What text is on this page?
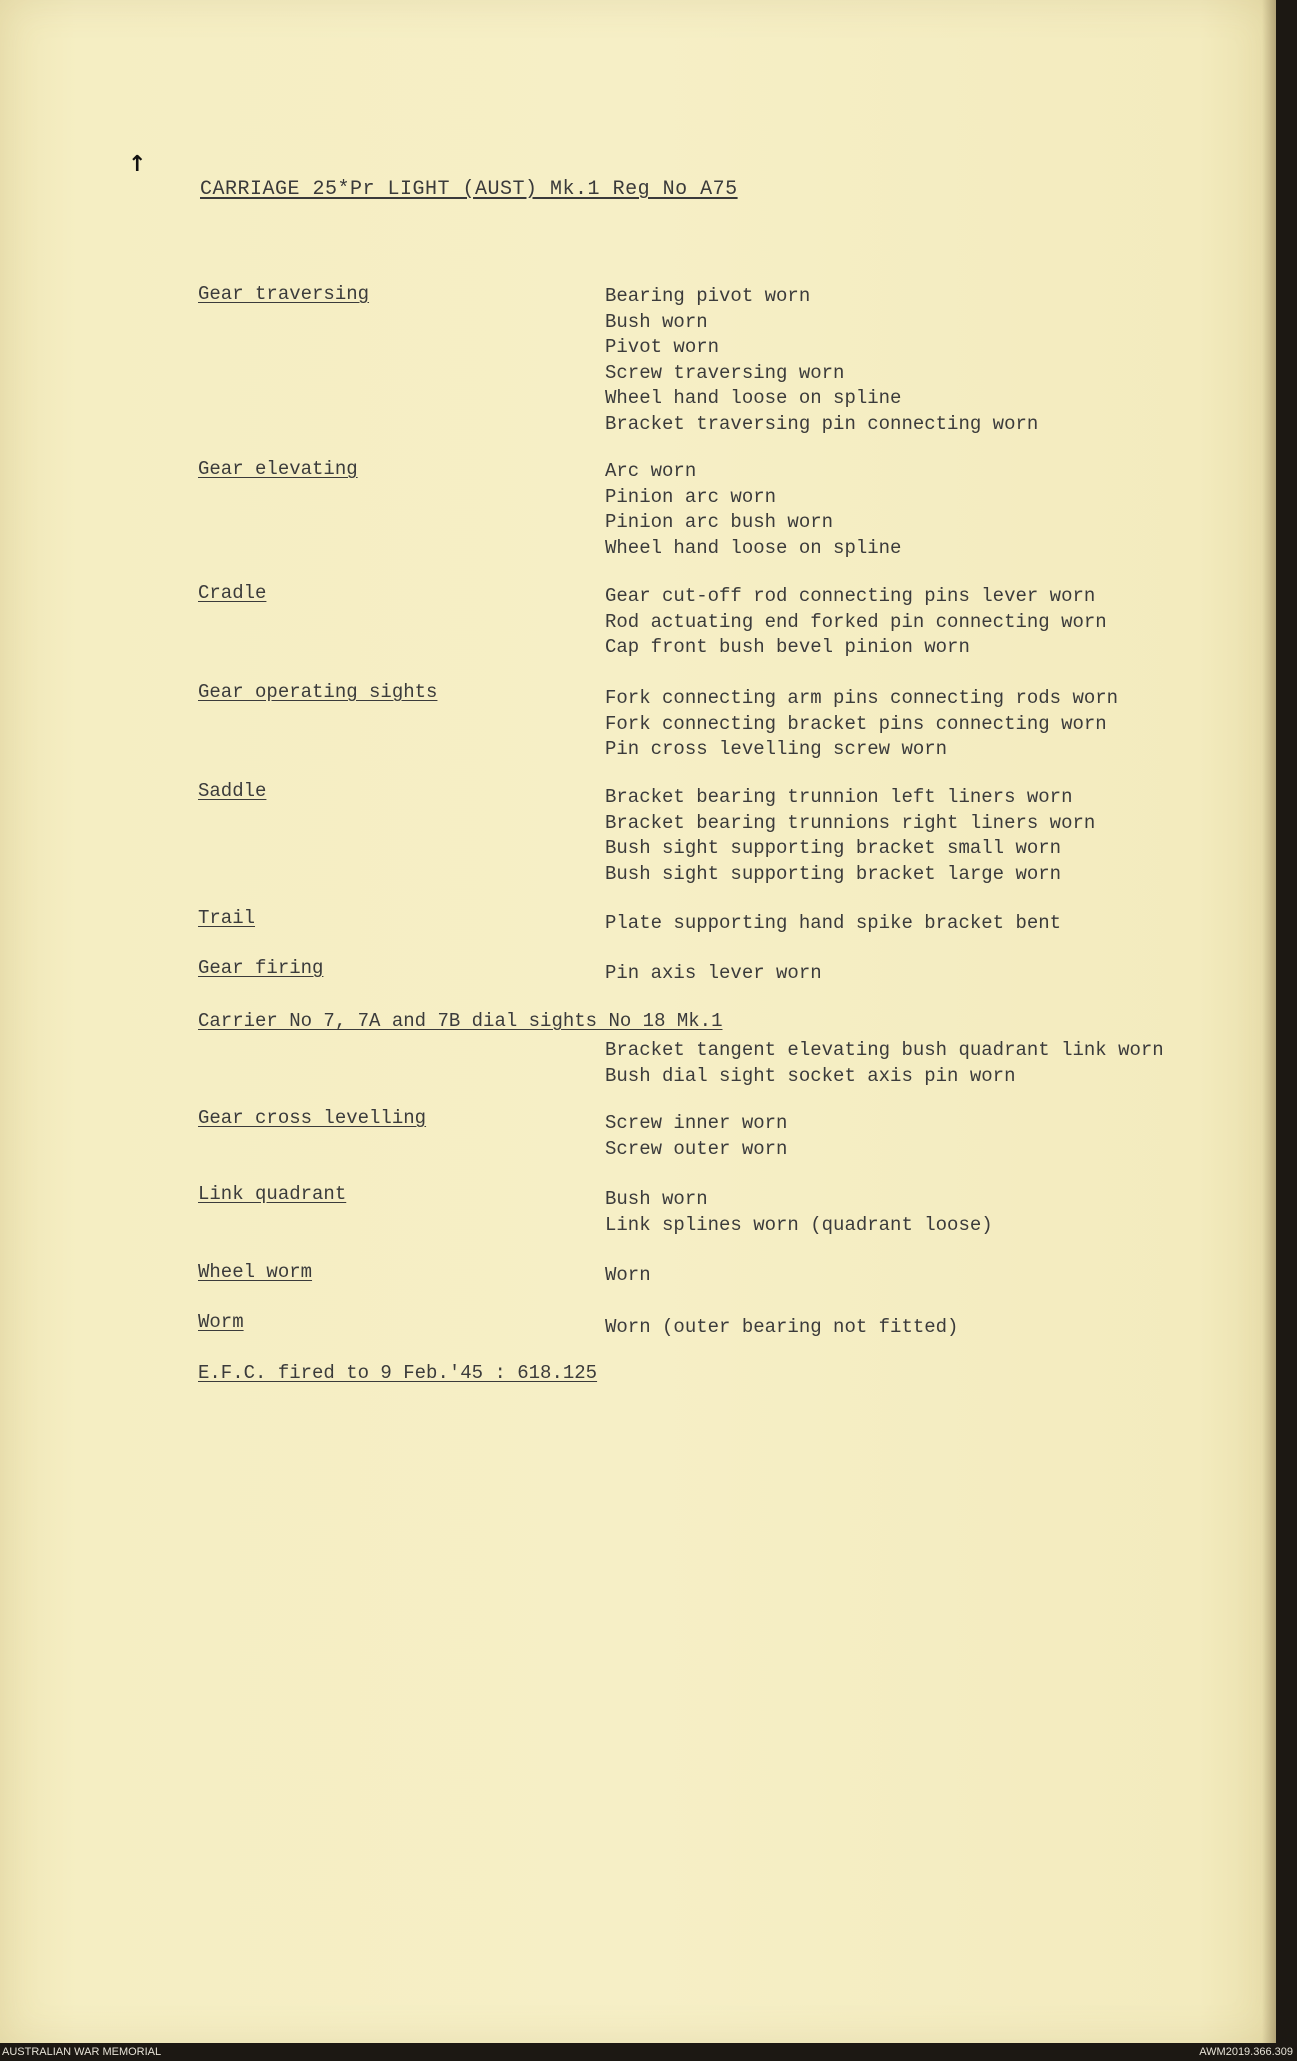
↑
CARRIAGE 25*Pr LIGHT (AUST) Mk.1 Reg No A75
Gear traversing	Bearing pivot worn
Bush worn
Pivot worn
Screw traversing worn
Wheel hand loose on spline
Bracket traversing pin connecting worn
Gear elevating	Arc worn
Pinion arc worn
Pinion arc bush worn
Wheel hand loose on spline
Cradle	Gear cut-off rod connecting pins lever worn
Rod actuating end forked pin connecting worn
Cap front bush bevel pinion worn
Gear operating sights	Fork connecting arm pins connecting rods worn
Fork connecting bracket pins connecting worn
Pin cross levelling screw worn
Saddle	Bracket bearing trunnion left liners worn
Bracket bearing trunnions right liners worn
Bush sight supporting bracket small worn
Bush sight supporting bracket large worn
Trail	Plate supporting hand spike bracket bent
Gear firing	Pin axis lever worn
Carrier No 7, 7A and 7B dial sights No 18 Mk.1
Bracket tangent elevating bush quadrant link worn
Bush dial sight socket axis pin worn
Gear cross levelling	Screw inner worn
Screw outer worn
Link quadrant	Bush worn
Link splines worn (quadrant loose)
Wheel worm	Worn
Worm	Worn (outer bearing not fitted)
E.F.C. fired to 9 Feb.'45 : 618.125
AUSTRALIAN WAR MEMORIAL	AWM2019.366.309
